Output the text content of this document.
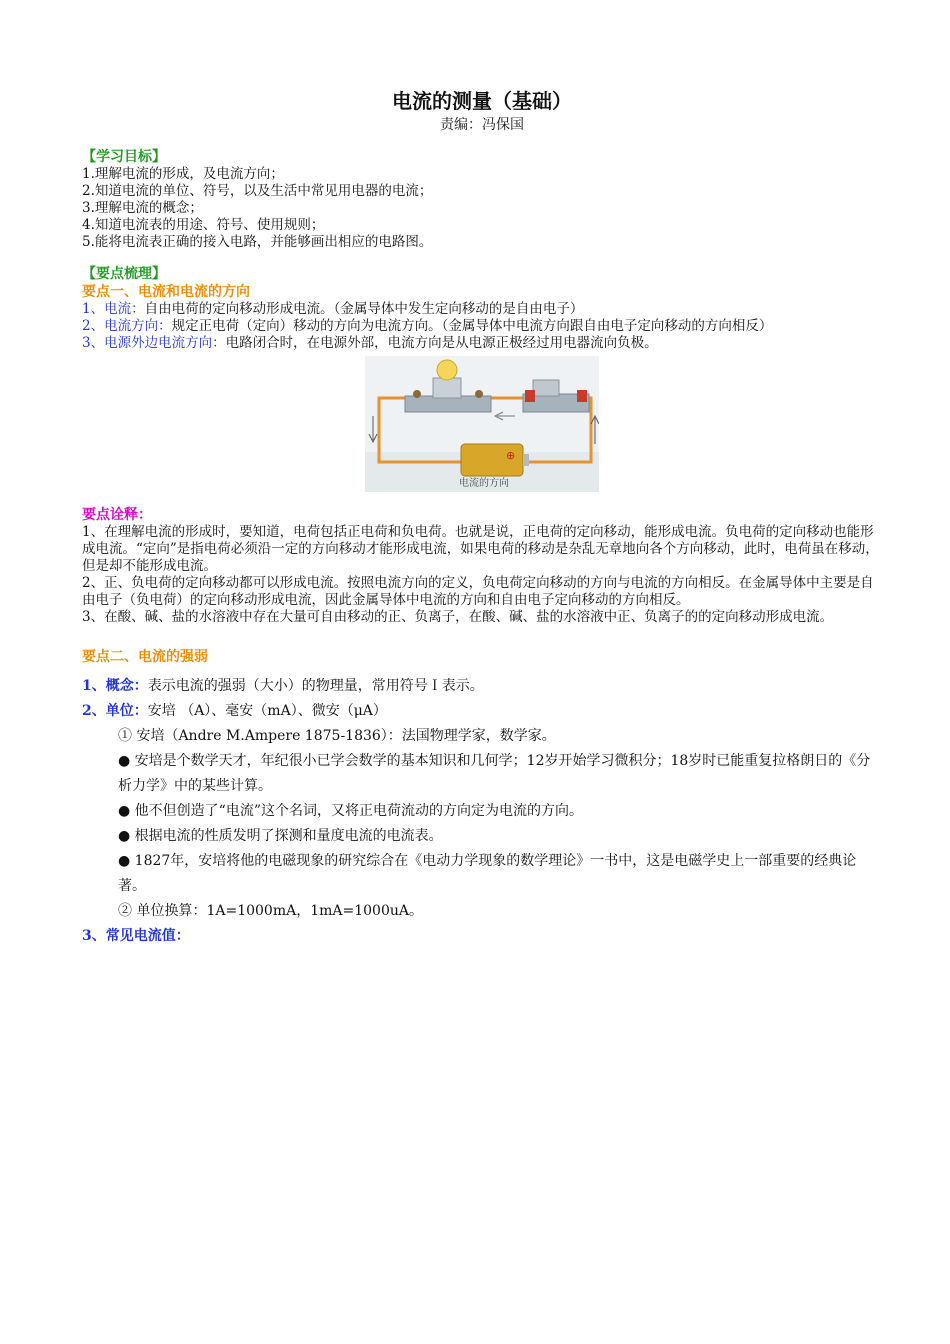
电流的测量（基础）

责编：冯保国

【学习目标】

1.理解电流的形成，及电流方向；

2.知道电流的单位、符号，以及生活中常见用电器的电流；

3.理解电流的概念；

4.知道电流表的用途、符号、使用规则；

5.能将电流表正确的接入电路，并能够画出相应的电路图。

【要点梳理】
要点一、电流和电流的方向

1、电流：自由电荷的定向移动形成电流。（金属导体中发生定向移动的是自由电子）

2、电流方向：规定正电荷（定向）移动的方向为电流方向。（金属导体中电流方向跟自由电子定向移动的方向相反）

3、电源外边电流方向：电路闭合时，在电源外部，电流方向是从电源正极经过用电器流向负极。

⊕
电流的方向
要点诠释：

1、在理解电流的形成时，要知道，电荷包括正电荷和负电荷。也就是说，正电荷的定向移动，能形成电流。负电荷的定向移动也能形成电流。“定向”是指电荷必须沿一定的方向移动才能形成电流，如果电荷的移动是杂乱无章地向各个方向移动，此时，电荷虽在移动，但是却不能形成电流。

2、正、负电荷的定向移动都可以形成电流。按照电流方向的定义，负电荷定向移动的方向与电流的方向相反。在金属导体中主要是自由电子（负电荷）的定向移动形成电流，因此金属导体中电流的方向和自由电子定向移动的方向相反。

3、在酸、碱、盐的水溶液中存在大量可自由移动的正、负离子，在酸、碱、盐的水溶液中正、负离子的的定向移动形成电流。

要点二、电流的强弱

1、概念：表示电流的强弱（大小）的物理量，常用符号Ｉ表示。

2、单位：安培 （A）、毫安（mA）、微安（μA）

① 安培（Andre M.Ampere 1875-1836）：法国物理学家，数学家。

● 安培是个数学天才，年纪很小已学会数学的基本知识和几何学；12岁开始学习微积分；18岁时已能重复拉格朗日的《分析力学》中的某些计算。

● 他不但创造了“电流”这个名词，又将正电荷流动的方向定为电流的方向。

● 根据电流的性质发明了探测和量度电流的电流表。

● 1827年，安培将他的电磁现象的研究综合在《电动力学现象的数学理论》一书中，这是电磁学史上一部重要的经典论著。

② 单位换算：1A=1000mA，1mA=1000uA。

3、常见电流值：
